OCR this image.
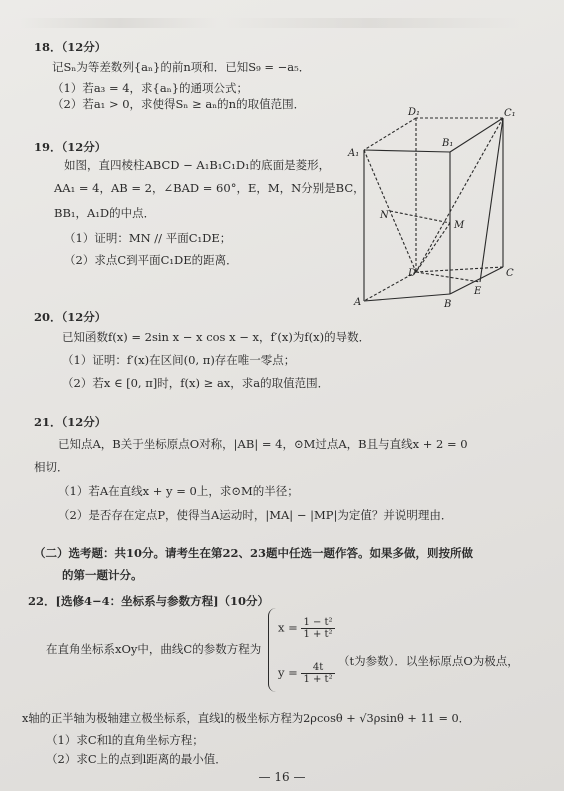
18．（12分）
记Sₙ为等差数列{aₙ}的前n项和．已知S₉ = −a₅．
（1）若a₃ = 4，求{aₙ}的通项公式；
（2）若a₁ > 0，求使得Sₙ ≥ aₙ的n的取值范围．
19．（12分）
如图，直四棱柱ABCD − A₁B₁C₁D₁的底面是菱形，
AA₁ = 4，AB = 2，∠BAD = 60°，E，M，N分别是BC，
BB₁，A₁D的中点．
（1）证明：MN // 平面C₁DE；
（2）求点C到平面C₁DE的距离．
A₁
B₁
C₁
D₁
A	B
C
D
E
M
N
20．（12分）
已知函数f(x) = 2sin x − x cos x − x，f′(x)为f(x)的导数．
（1）证明：f′(x)在区间(0, π)存在唯一零点；
（2）若x ∈ [0, π]时，f(x) ≥ ax，求a的取值范围．
21．（12分）
已知点A，B关于坐标原点O对称，|AB| = 4，⊙M过点A，B且与直线x + 2 = 0
相切．
（1）若A在直线x + y = 0上，求⊙M的半径；
（2）是否存在定点P，使得当A运动时，|MA| − |MP|为定值？并说明理由．
（二）选考题：共10分。请考生在第22、23题中任选一题作答。如果多做，则按所做
的第一题计分。
22．[选修4−4：坐标系与参数方程]（10分）
在直角坐标系xOy中，曲线C的参数方程为
$x = \frac{\text{1 − t²}}{\text{1 + t²}}$
$y = \frac{4t}{\text{1 + t²}}$
（t为参数）．以坐标原点O为极点，
x轴的正半轴为极轴建立极坐标系，直线l的极坐标方程为2ρcosθ + √3ρsinθ + 11 = 0．
（1）求C和l的直角坐标方程；
（2）求C上的点到l距离的最小值．
— 16 —
